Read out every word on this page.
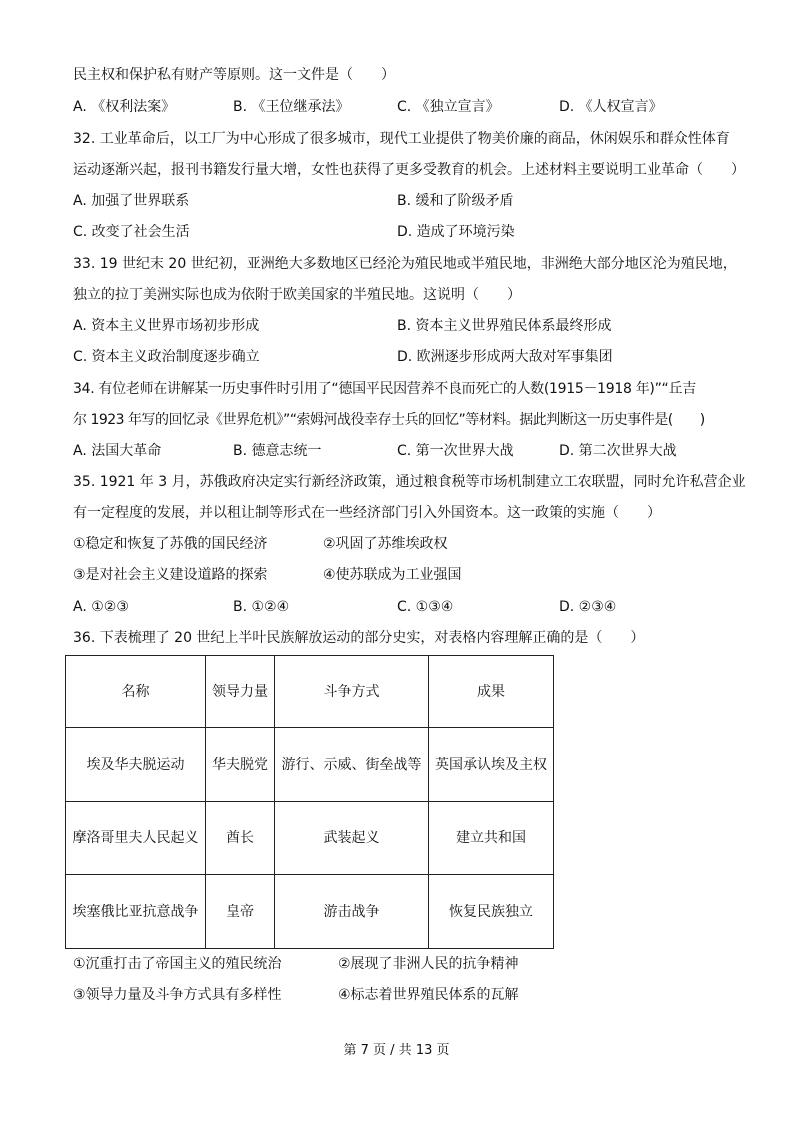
民主权和保护私有财产等原则。这一文件是（　　）
A. 《权利法案》	B. 《王位继承法》	C. 《独立宣言》	D. 《人权宣言》
32. 工业革命后，以工厂为中心形成了很多城市，现代工业提供了物美价廉的商品，休闲娱乐和群众性体育
运动逐渐兴起，报刊书籍发行量大增，女性也获得了更多受教育的机会。上述材料主要说明工业革命（　　）
A. 加强了世界联系	B. 缓和了阶级矛盾
C. 改变了社会生活	D. 造成了环境污染
33. 19 世纪末 20 世纪初，亚洲绝大多数地区已经沦为殖民地或半殖民地，非洲绝大部分地区沦为殖民地，
独立的拉丁美洲实际也成为依附于欧美国家的半殖民地。这说明（　　）
A. 资本主义世界市场初步形成	B. 资本主义世界殖民体系最终形成
C. 资本主义政治制度逐步确立	D. 欧洲逐步形成两大敌对军事集团
34. 有位老师在讲解某一历史事件时引用了“德国平民因营养不良而死亡的人数(1915－1918 年)”“丘吉
尔 1923 年写的回忆录《世界危机》”“索姆河战役幸存士兵的回忆”等材料。据此判断这一历史事件是(　　)
A. 法国大革命	B. 德意志统一	C. 第一次世界大战	D. 第二次世界大战
35. 1921 年 3 月，苏俄政府决定实行新经济政策，通过粮食税等市场机制建立工农联盟，同时允许私营企业
有一定程度的发展，并以租让制等形式在一些经济部门引入外国资本。这一政策的实施（　　）
①稳定和恢复了苏俄的国民经济	②巩固了苏维埃政权
③是对社会主义建设道路的探索	④使苏联成为工业强国
A. ①②③	B. ①②④	C. ①③④	D. ②③④
36. 下表梳理了 20 世纪上半叶民族解放运动的部分史实，对表格内容理解正确的是（　　）
名称	领导力量	斗争方式	成果
埃及华夫脱运动	华夫脱党	游行、示威、街垒战等	英国承认埃及主权
摩洛哥里夫人民起义	酋长	武装起义	建立共和国
埃塞俄比亚抗意战争	皇帝	游击战争	恢复民族独立
①沉重打击了帝国主义的殖民统治	②展现了非洲人民的抗争精神
③领导力量及斗争方式具有多样性	④标志着世界殖民体系的瓦解
第 7 页 / 共 13 页
